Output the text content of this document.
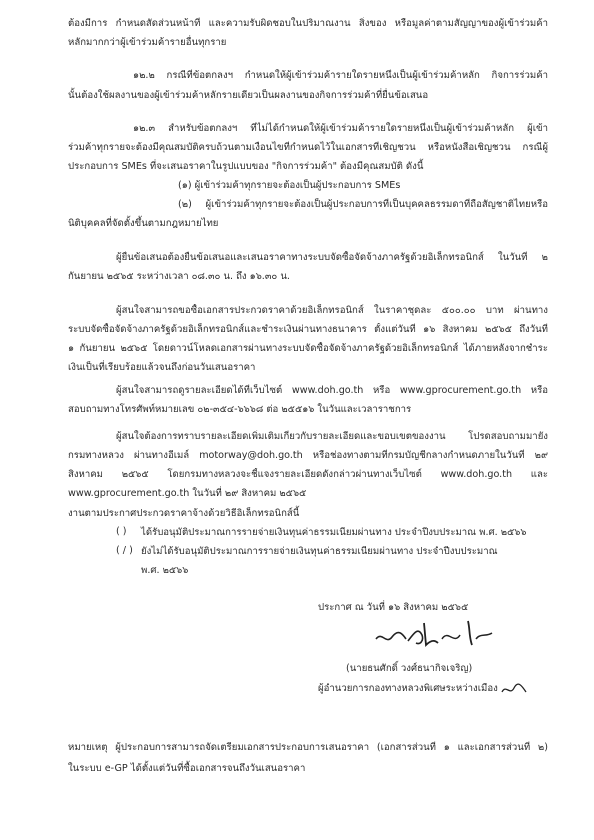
ต้องมีการ กำหนดสัดส่วนหน้าที่ และความรับผิดชอบในปริมาณงาน สิ่งของ หรือมูลค่าตามสัญญาของผู้เข้าร่วมค้า
หลักมากกว่าผู้เข้าร่วมค้ารายอื่นทุกราย
๑๒.๒ กรณีที่ข้อตกลงฯ กำหนดให้ผู้เข้าร่วมค้ารายใดรายหนึ่งเป็นผู้เข้าร่วมค้าหลัก กิจการร่วมค้า
นั้นต้องใช้ผลงานของผู้เข้าร่วมค้าหลักรายเดียวเป็นผลงานของกิจการร่วมค้าที่ยื่นข้อเสนอ
๑๒.๓ สำหรับข้อตกลงฯ ที่ไม่ได้กำหนดให้ผู้เข้าร่วมค้ารายใดรายหนึ่งเป็นผู้เข้าร่วมค้าหลัก ผู้เข้า
ร่วมค้าทุกรายจะต้องมีคุณสมบัติครบถ้วนตามเงื่อนไขที่กำหนดไว้ในเอกสารที่เชิญชวน หรือหนังสือเชิญชวน กรณีผู้
ประกอบการ SMEs ที่จะเสนอราคาในรูปแบบของ "กิจการร่วมค้า" ต้องมีคุณสมบัติ ดังนี้
(๑) ผู้เข้าร่วมค้าทุกรายจะต้องเป็นผู้ประกอบการ SMEs
(๒) ผู้เข้าร่วมค้าทุกรายจะต้องเป็นผู้ประกอบการที่เป็นบุคคลธรรมดาที่ถือสัญชาติไทยหรือ
นิติบุคคลที่จัดตั้งขึ้นตามกฎหมายไทย
ผู้ยื่นข้อเสนอต้องยื่นข้อเสนอและเสนอราคาทางระบบจัดซื้อจัดจ้างภาครัฐด้วยอิเล็กทรอนิกส์ ในวันที่ ๒
กันยายน ๒๕๖๕ ระหว่างเวลา ๐๘.๓๐ น. ถึง ๑๖.๓๐ น.
ผู้สนใจสามารถขอซื้อเอกสารประกวดราคาด้วยอิเล็กทรอนิกส์ ในราคาชุดละ ๕๐๐.๐๐ บาท ผ่านทาง
ระบบจัดซื้อจัดจ้างภาครัฐด้วยอิเล็กทรอนิกส์และชำระเงินผ่านทางธนาคาร ตั้งแต่วันที่ ๑๖ สิงหาคม ๒๕๖๕ ถึงวันที่
๑ กันยายน ๒๕๖๕ โดยดาวน์โหลดเอกสารผ่านทางระบบจัดซื้อจัดจ้างภาครัฐด้วยอิเล็กทรอนิกส์ ได้ภายหลังจากชำระ
เงินเป็นที่เรียบร้อยแล้วจนถึงก่อนวันเสนอราคา
ผู้สนใจสามารถดูรายละเอียดได้ที่เว็บไซต์ www.doh.go.th หรือ www.gprocurement.go.th หรือ
สอบถามทางโทรศัพท์หมายเลข ๐๒-๓๕๔-๖๖๖๘ ต่อ ๒๕๕๑๖ ในวันและเวลาราชการ
ผู้สนใจต้องการทราบรายละเอียดเพิ่มเติมเกี่ยวกับรายละเอียดและขอบเขตของงาน โปรดสอบถามมายัง
กรมทางหลวง ผ่านทางอีเมล์ motorway@doh.go.th หรือช่องทางตามที่กรมบัญชีกลางกำหนดภายในวันที่ ๒๙
สิงหาคม ๒๕๖๕ โดยกรมทางหลวงจะชี้แจงรายละเอียดดังกล่าวผ่านทางเว็บไซต์ www.doh.go.th และ
www.gprocurement.go.th ในวันที่ ๒๙ สิงหาคม ๒๕๖๕
งานตามประกาศประกวดราคาจ้างด้วยวิธีอิเล็กทรอนิกส์นี้
( ) ได้รับอนุมัติประมาณการรายจ่ายเงินทุนค่าธรรมเนียมผ่านทาง ประจำปีงบประมาณ พ.ศ. ๒๕๖๖
( / ) ยังไม่ได้รับอนุมัติประมาณการรายจ่ายเงินทุนค่าธรรมเนียมผ่านทาง ประจำปีงบประมาณ
พ.ศ. ๒๕๖๖
ประกาศ ณ วันที่ ๑๖ สิงหาคม ๒๕๖๕
(นายธนศักดิ์ วงศ์ธนากิจเจริญ)
ผู้อำนวยการกองทางหลวงพิเศษระหว่างเมือง
หมายเหตุ ผู้ประกอบการสามารถจัดเตรียมเอกสารประกอบการเสนอราคา (เอกสารส่วนที่ ๑ และเอกสารส่วนที่ ๒)
ในระบบ e-GP ได้ตั้งแต่วันที่ซื้อเอกสารจนถึงวันเสนอราคา
